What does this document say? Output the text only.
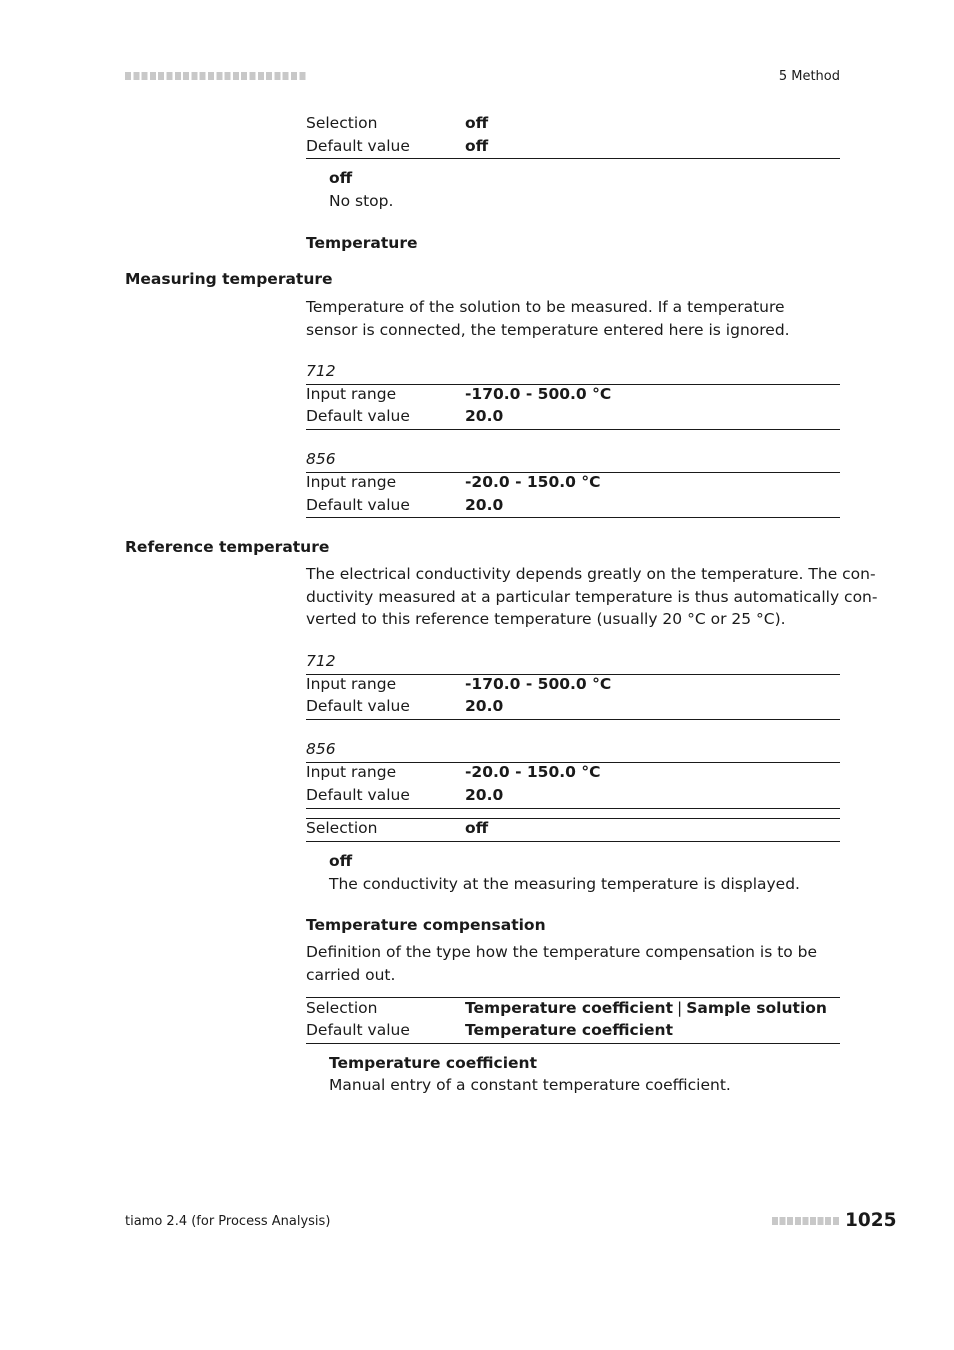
5 Method
Selection	off
Default value	off
off
No stop.
Temperature
Measuring temperature
Temperature of the solution to be measured. If a temperature sensor is connected, the temperature entered here is ignored.
712
Input range	-170.0 - 500.0 °C
Default value	20.0
856
Input range	-20.0 - 150.0 °C
Default value	20.0
Reference temperature
The electrical conductivity depends greatly on the temperature. The con-
ductivity measured at a particular temperature is thus automatically con-
verted to this reference temperature (usually 20 °C or 25 °C).
712
Input range	-170.0 - 500.0 °C
Default value	20.0
856
Input range	-20.0 - 150.0 °C
Default value	20.0
Selection	off
off
The conductivity at the measuring temperature is displayed.
Temperature compensation
Definition of the type how the temperature compensation is to be carried out.
Selection	Temperature coefficient | Sample solution
Default value	Temperature coefficient
Temperature coefficient
Manual entry of a constant temperature coefficient.
tiamo 2.4 (for Process Analysis)	1025
